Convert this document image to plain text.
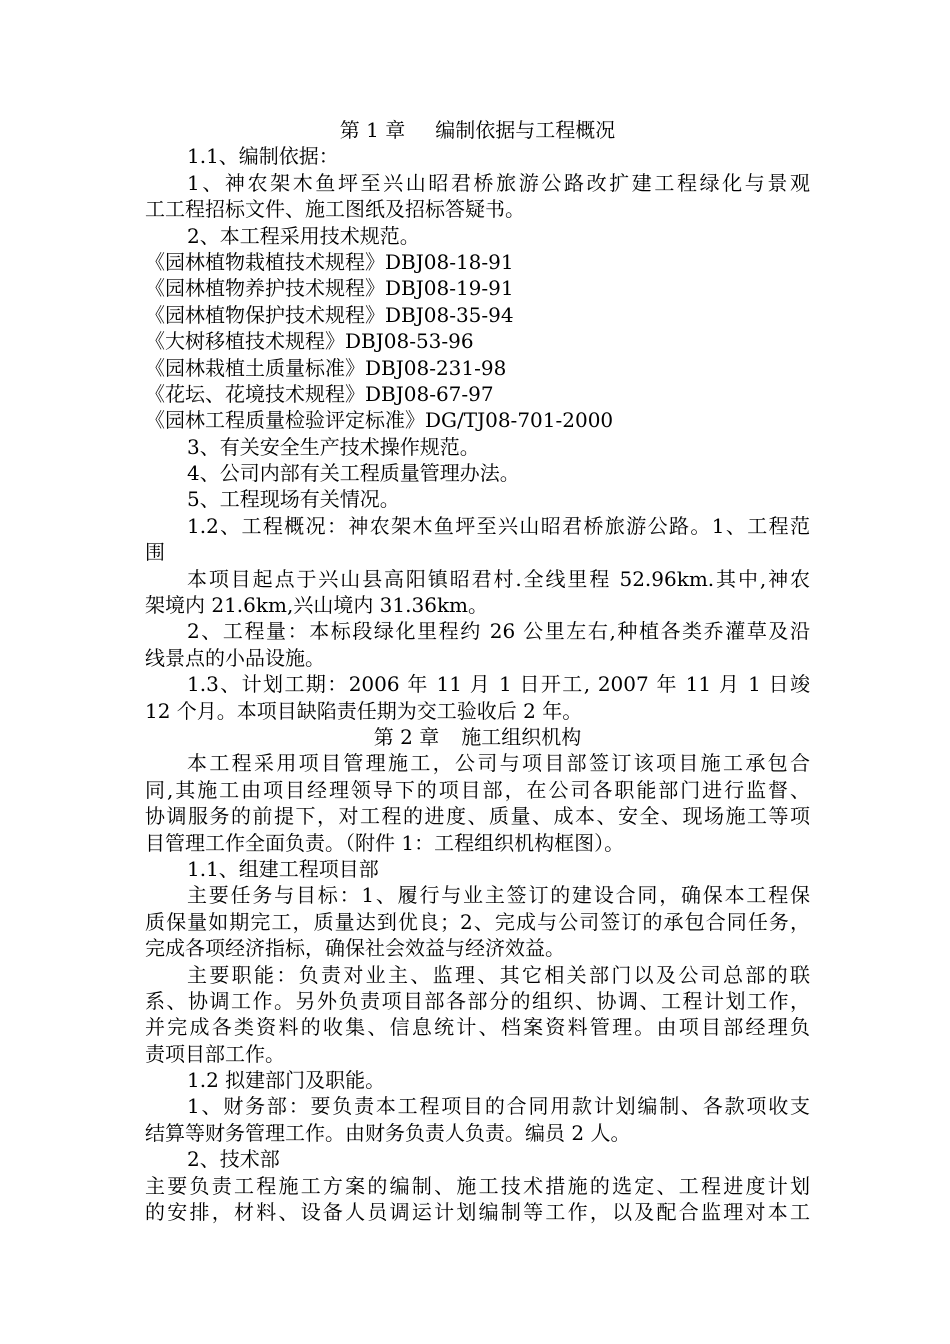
第 1 章 编制依据与工程概况
1.1、编制依据：
1、神农架木鱼坪至兴山昭君桥旅游公路改扩建工程绿化与景观
工工程招标文件、施工图纸及招标答疑书。
2、本工程采用技术规范。
《园林植物栽植技术规程》DBJ08-18-91
《园林植物养护技术规程》DBJ08-19-91
《园林植物保护技术规程》DBJ08-35-94
《大树移植技术规程》DBJ08-53-96
《园林栽植土质量标准》DBJ08-231-98
《花坛、花境技术规程》DBJ08-67-97
《园林工程质量检验评定标准》DG/TJ08-701-2000
3、有关安全生产技术操作规范。
4、公司内部有关工程质量管理办法。
5、工程现场有关情况。
1.2、工程概况：神农架木鱼坪至兴山昭君桥旅游公路。1、工程范
围
本项目起点于兴山县高阳镇昭君村.全线里程 52.96km.其中,神农
架境内 21.6km,兴山境内 31.36km。
2、工程量：本标段绿化里程约 26 公里左右,种植各类乔灌草及沿
线景点的小品设施。
1.3、计划工期：2006 年 11 月 1 日开工, 2007 年 11 月 1 日竣
12 个月。本项目缺陷责任期为交工验收后 2 年。
第 2 章 施工组织机构
本工程采用项目管理施工，公司与项目部签订该项目施工承包合
同,其施工由项目经理领导下的项目部，在公司各职能部门进行监督、
协调服务的前提下，对工程的进度、质量、成本、安全、现场施工等项
目管理工作全面负责。（附件 1：工程组织机构框图）。
1.1、组建工程项目部
主要任务与目标：1、履行与业主签订的建设合同，确保本工程保
质保量如期完工，质量达到优良；2、完成与公司签订的承包合同任务，
完成各项经济指标，确保社会效益与经济效益。
主要职能：负责对业主、监理、其它相关部门以及公司总部的联
系、协调工作。另外负责项目部各部分的组织、协调、工程计划工作，
并完成各类资料的收集、信息统计、档案资料管理。由项目部经理负
责项目部工作。
1.2 拟建部门及职能。
1、财务部：要负责本工程项目的合同用款计划编制、各款项收支
结算等财务管理工作。由财务负责人负责。编员 2 人。
2、技术部
主要负责工程施工方案的编制、施工技术措施的选定、工程进度计划
的安排，材料、设备人员调运计划编制等工作，以及配合监理对本工
